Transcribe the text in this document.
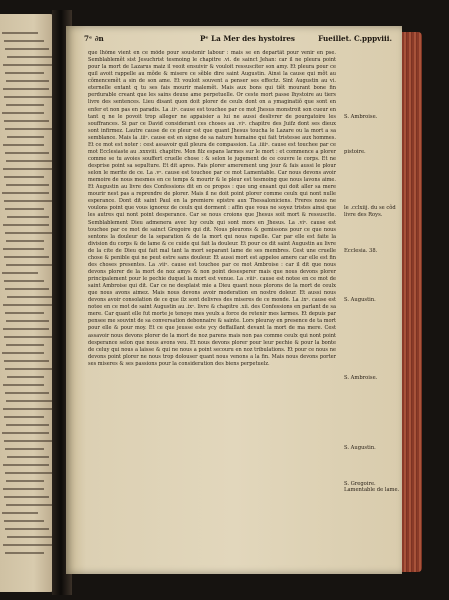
7ᵉ ∂n	Pᵉ La Mer des hystoires	Fueillet. C.pppviii.

que lhõme vient en ce mõde pour soustenir labour : mais se en departãt pour venir en pse. Semblablemẽt sist Jesuchrist tesmoing le chapitre .vi. de sainct Jehan: car il ne pleura point pour la mort de Lazarus maiz il veoit ensuivir & vouloit ressusciter son amy. Et pleura pour ce quil avoit rappelle au mõde & misere ce sẽble dire saint Augustin. Ainsi la cause qui mõt au cõmencemẽt a sin de son ame. Et vouloit souvent a penser ses effectz. Sint Augustin au vi. eternelle entant q tu ses fais mourir malemẽt. Mais aux bons qui tiẽt mourant bone fin perdurable creant que les sains deuxe ame perpetuelle. Or ceste mort passe lhystoire au tiers livre des sentences. Lieu disant quon doit plorer de ceulx dont on a ymaginatiõ que sont en enfer et non pas en paradis. La .iiᵉ. cause est touchee par ce mot Jhesus monstroit son cueur en tant q ne le povoit trop alleger ne appaisier a lui ne aussi deslivrer de pourgatoire les souffrances. Si par ce David considerant ces choses au .viᵉ. chapitre des Juifz dont ses dieux sont infirmez. Lautre cause de ce pleur est que quant Jhesus toucha le Lazare ou la mort a sa semblance. Mais la .iiiᵉ. cause est en signe de sa nature humaine qui fait tristesse aux hommes. Et ce mot est noter : cest assavoir quil pleura de compassion. La .iiiiᵉ. cause est touchee par ce mot Ecclesiaste au .xxxviii. chapitre. Mon filz espans larmes sur le mort : et commence a plorer comme se tu avoies souffert cruelle chose : & selon le jugement de ce couvre le corps. Et ne desprise point sa sepulture. Et dit apres. Fais plorer amerement ung jour & fais aussi le plour selon le merite de ce. La .vᵉ. cause est touchee par ce mot Lamentable. Car nous devons avoir memoire de nous mesmes en ce temps & mourir & le pleur est tesmoing que nous lavons aime. Et Augustin au livre des Confessions dit en ce propos : que ung ensant qui doit aller sa mere mourir nest pas a reprendre de plorer. Mais il ne doit point plorer comme ceulx qui nont nulle esperance. Dont dit saint Paul en la premiere epistre aux Thessaloniciens. Freres nous ne voulons point que vous ignorez de ceulx qui dorment : affin que vous ne soyez tristes ainsi que les autres qui nont point desperance. Car se nous croions que Jhesus soit mort & ressuscite. Semblablement Dieu admenera avec luy ceulx qui sont mors en Jhesus. La .viᵉ. cause est touchee par ce mot de sainct Gregoire qui dit. Nous pleurons & gemissons pour ce que nous sentons la douleur de la separation & de la mort qui nous rapelle. Car par elle est faite la division du corps & de lame & ce cuide qui fait la douleur. Et pour ce dit saint Augustin au livre de la cite de Dieu qui fait mal tant la mort separant lame de ses membres. Cest une cruelle chose & penible qui ne peut estre sans douleur. Et aussi mort est appelee amere car elle est fin des choses presentes. La .viiᵉ. cause est touchee par ce mot Ambroise : car il dit que nous devons plorer de la mort de noz amys & non point desesperer mais que nous devons plorer principalement pour le pechie duquel la mort est venue. La .viiiᵉ. cause est notee en ce mot de saint Ambroise qui dit. Car ce ne desplaist mie a Dieu quant nous plorons de la mort de ceulx que nous avons aimez. Mais nous devons avoir moderation en nostre doleur. Et aussi nous devons avoir consolation de ce que ilz sont delivres des miseres de ce monde. La .ixᵉ. cause est notee en ce mot de saint Augustin au .ixᵉ. livre & chapitre .xii. des Confessions en parlant de sa mere. Car quant elle fut morte je tenoye mes yeulx a force de retenir mes larmes. Et depuis par pensee me souvint de sa conversation debonnaire & sainte. Lors pleuray en presence de ta mort pour elle & pour moy. Et ce que jeusse este ycy deffaillant devant la mort de ma mere. Cest assavoir nous devons plorer de la mort de noz parens mais non pas comme ceulx qui nont point desperance selon que nous avons veu. Et nous devons plorer pour leur pechie & pour la bonte de celuy qui nous a laisse & qui ne nous a point secouru en noz tribulations. Et pour ce nous ne devons point plorer ne nous trop dolouser quant nous venons a la fin. Mais nous devons porter ses miseres & ses passions pour la consideration des biens perpetuelz.

S. Ambroise.
pistoire.
le .cclxiij. du se cõd livre des Roys.
Ecclesia. 38.
S. Augustin.
S. Ambroise.
S. Augustin.
S. Gregoire. Lamentable de lame.
